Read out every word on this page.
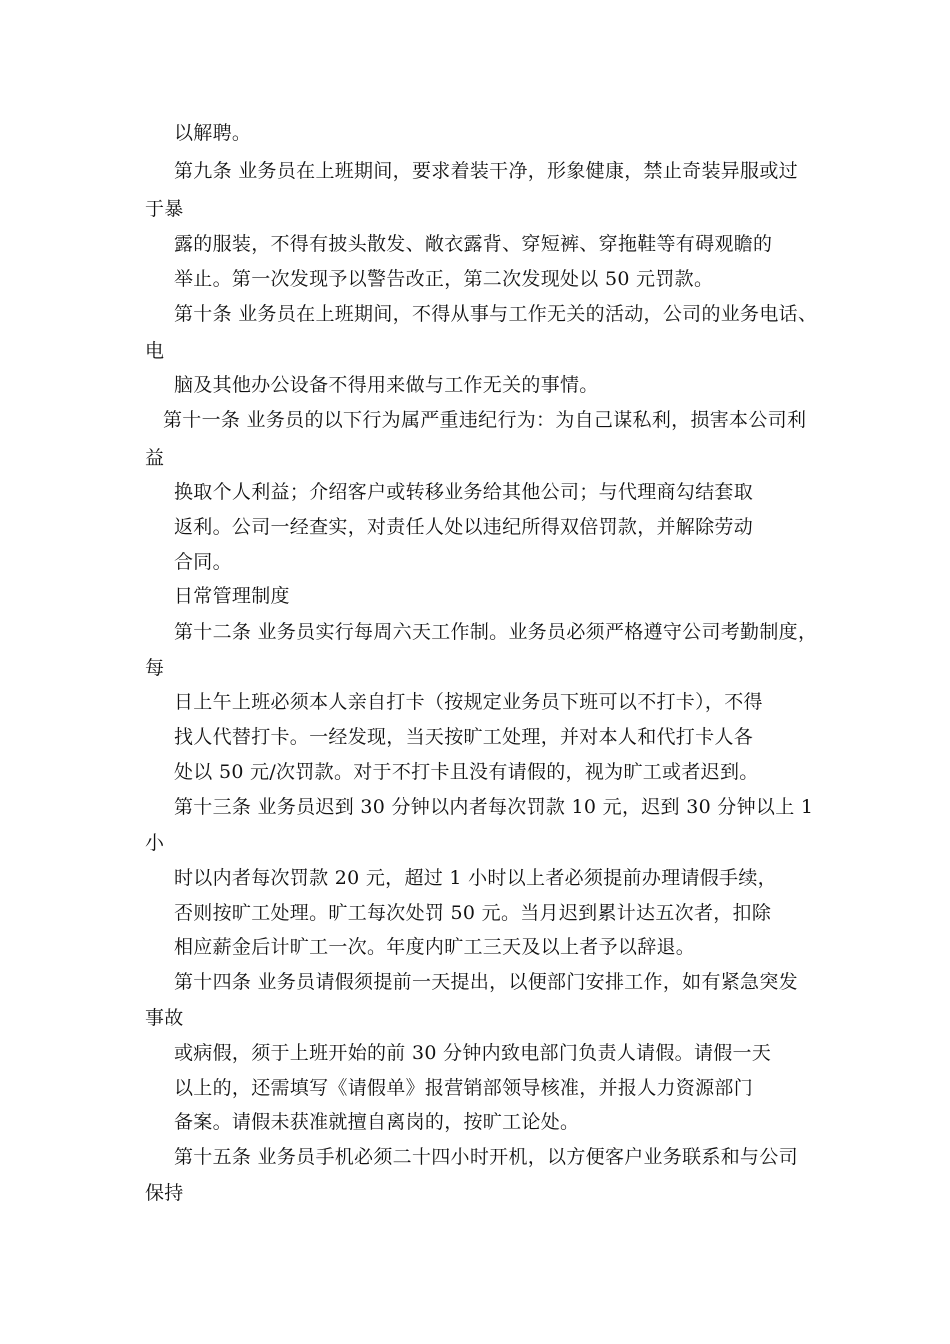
以解聘。
第九条 业务员在上班期间，要求着装干净，形象健康，禁止奇装异服或过
于暴
露的服装，不得有披头散发、敞衣露背、穿短裤、穿拖鞋等有碍观瞻的
举止。第一次发现予以警告改正，第二次发现处以 50 元罚款。
第十条 业务员在上班期间，不得从事与工作无关的活动，公司的业务电话、
电
脑及其他办公设备不得用来做与工作无关的事情。
第十一条 业务员的以下行为属严重违纪行为：为自己谋私利，损害本公司利
益
换取个人利益；介绍客户或转移业务给其他公司；与代理商勾结套取
返利。公司一经查实，对责任人处以违纪所得双倍罚款，并解除劳动
合同。
日常管理制度
第十二条 业务员实行每周六天工作制。业务员必须严格遵守公司考勤制度，
每
日上午上班必须本人亲自打卡（按规定业务员下班可以不打卡），不得
找人代替打卡。一经发现，当天按旷工处理，并对本人和代打卡人各
处以 50 元/次罚款。对于不打卡且没有请假的，视为旷工或者迟到。
第十三条 业务员迟到 30 分钟以内者每次罚款 10 元，迟到 30 分钟以上 1
小
时以内者每次罚款 20 元，超过 1 小时以上者必须提前办理请假手续，
否则按旷工处理。旷工每次处罚 50 元。当月迟到累计达五次者，扣除
相应薪金后计旷工一次。年度内旷工三天及以上者予以辞退。
第十四条 业务员请假须提前一天提出，以便部门安排工作，如有紧急突发
事故
或病假，须于上班开始的前 30 分钟内致电部门负责人请假。请假一天
以上的，还需填写《请假单》报营销部领导核准，并报人力资源部门
备案。请假未获准就擅自离岗的，按旷工论处。
第十五条 业务员手机必须二十四小时开机，以方便客户业务联系和与公司
保持
